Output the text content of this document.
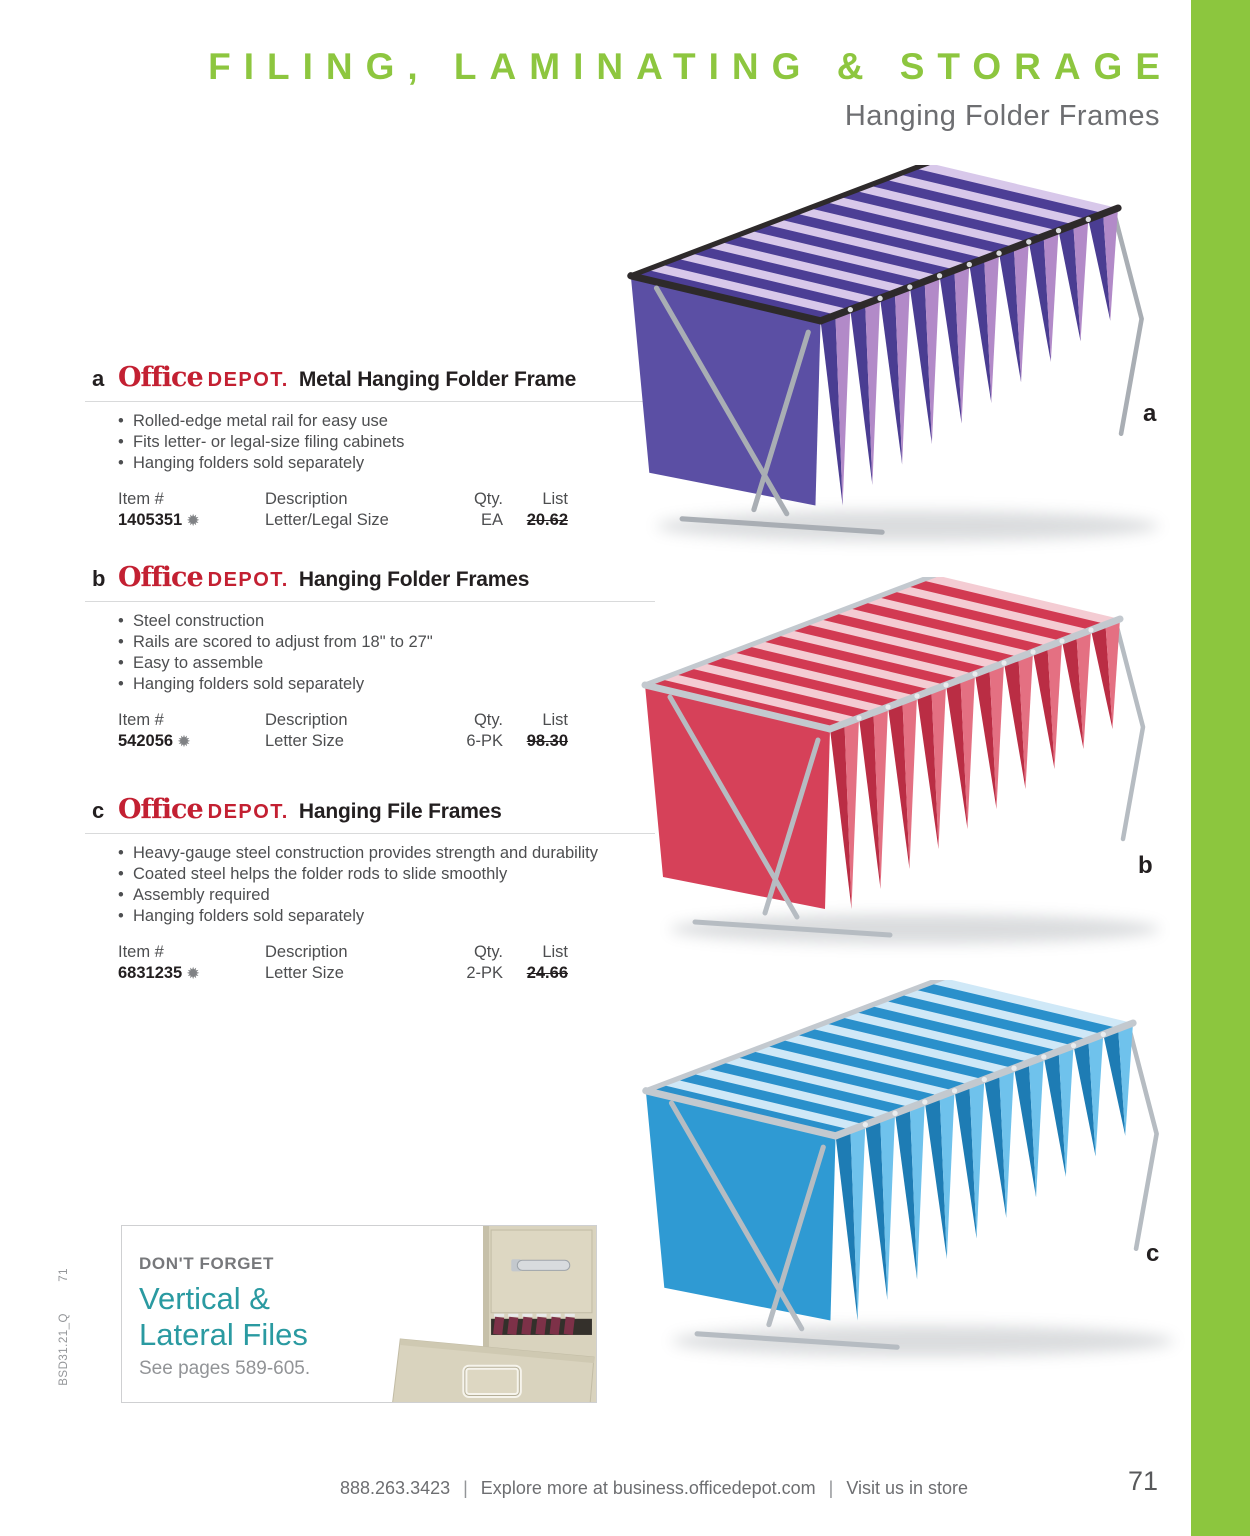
FILING, LAMINATING & STORAGE
Hanging Folder Frames
a Office DEPOT. Metal Hanging Folder Frame
• Rolled-edge metal rail for easy use
• Fits letter- or legal-size filing cabinets
• Hanging folders sold separately
Item #	Description	Qty.	List
1405351 ✹	Letter/Legal Size	EA	20.62
b Office DEPOT. Hanging Folder Frames
• Steel construction
• Rails are scored to adjust from 18" to 27"
• Easy to assemble
• Hanging folders sold separately
Item #	Description	Qty.	List
542056 ✹	Letter Size	6-PK	98.30
c Office DEPOT. Hanging File Frames
• Heavy-gauge steel construction provides strength and durability
• Coated steel helps the folder rods to slide smoothly
• Assembly required
• Hanging folders sold separately
Item #	Description	Qty.	List
6831235 ✹	Letter Size	2-PK	24.66
a
b
c
DON'T FORGET
Vertical &
Lateral Files
See pages 589-605.
71
BSD31.21_Q
888.263.3423 | Explore more at business.officedepot.com | Visit us in store	71
